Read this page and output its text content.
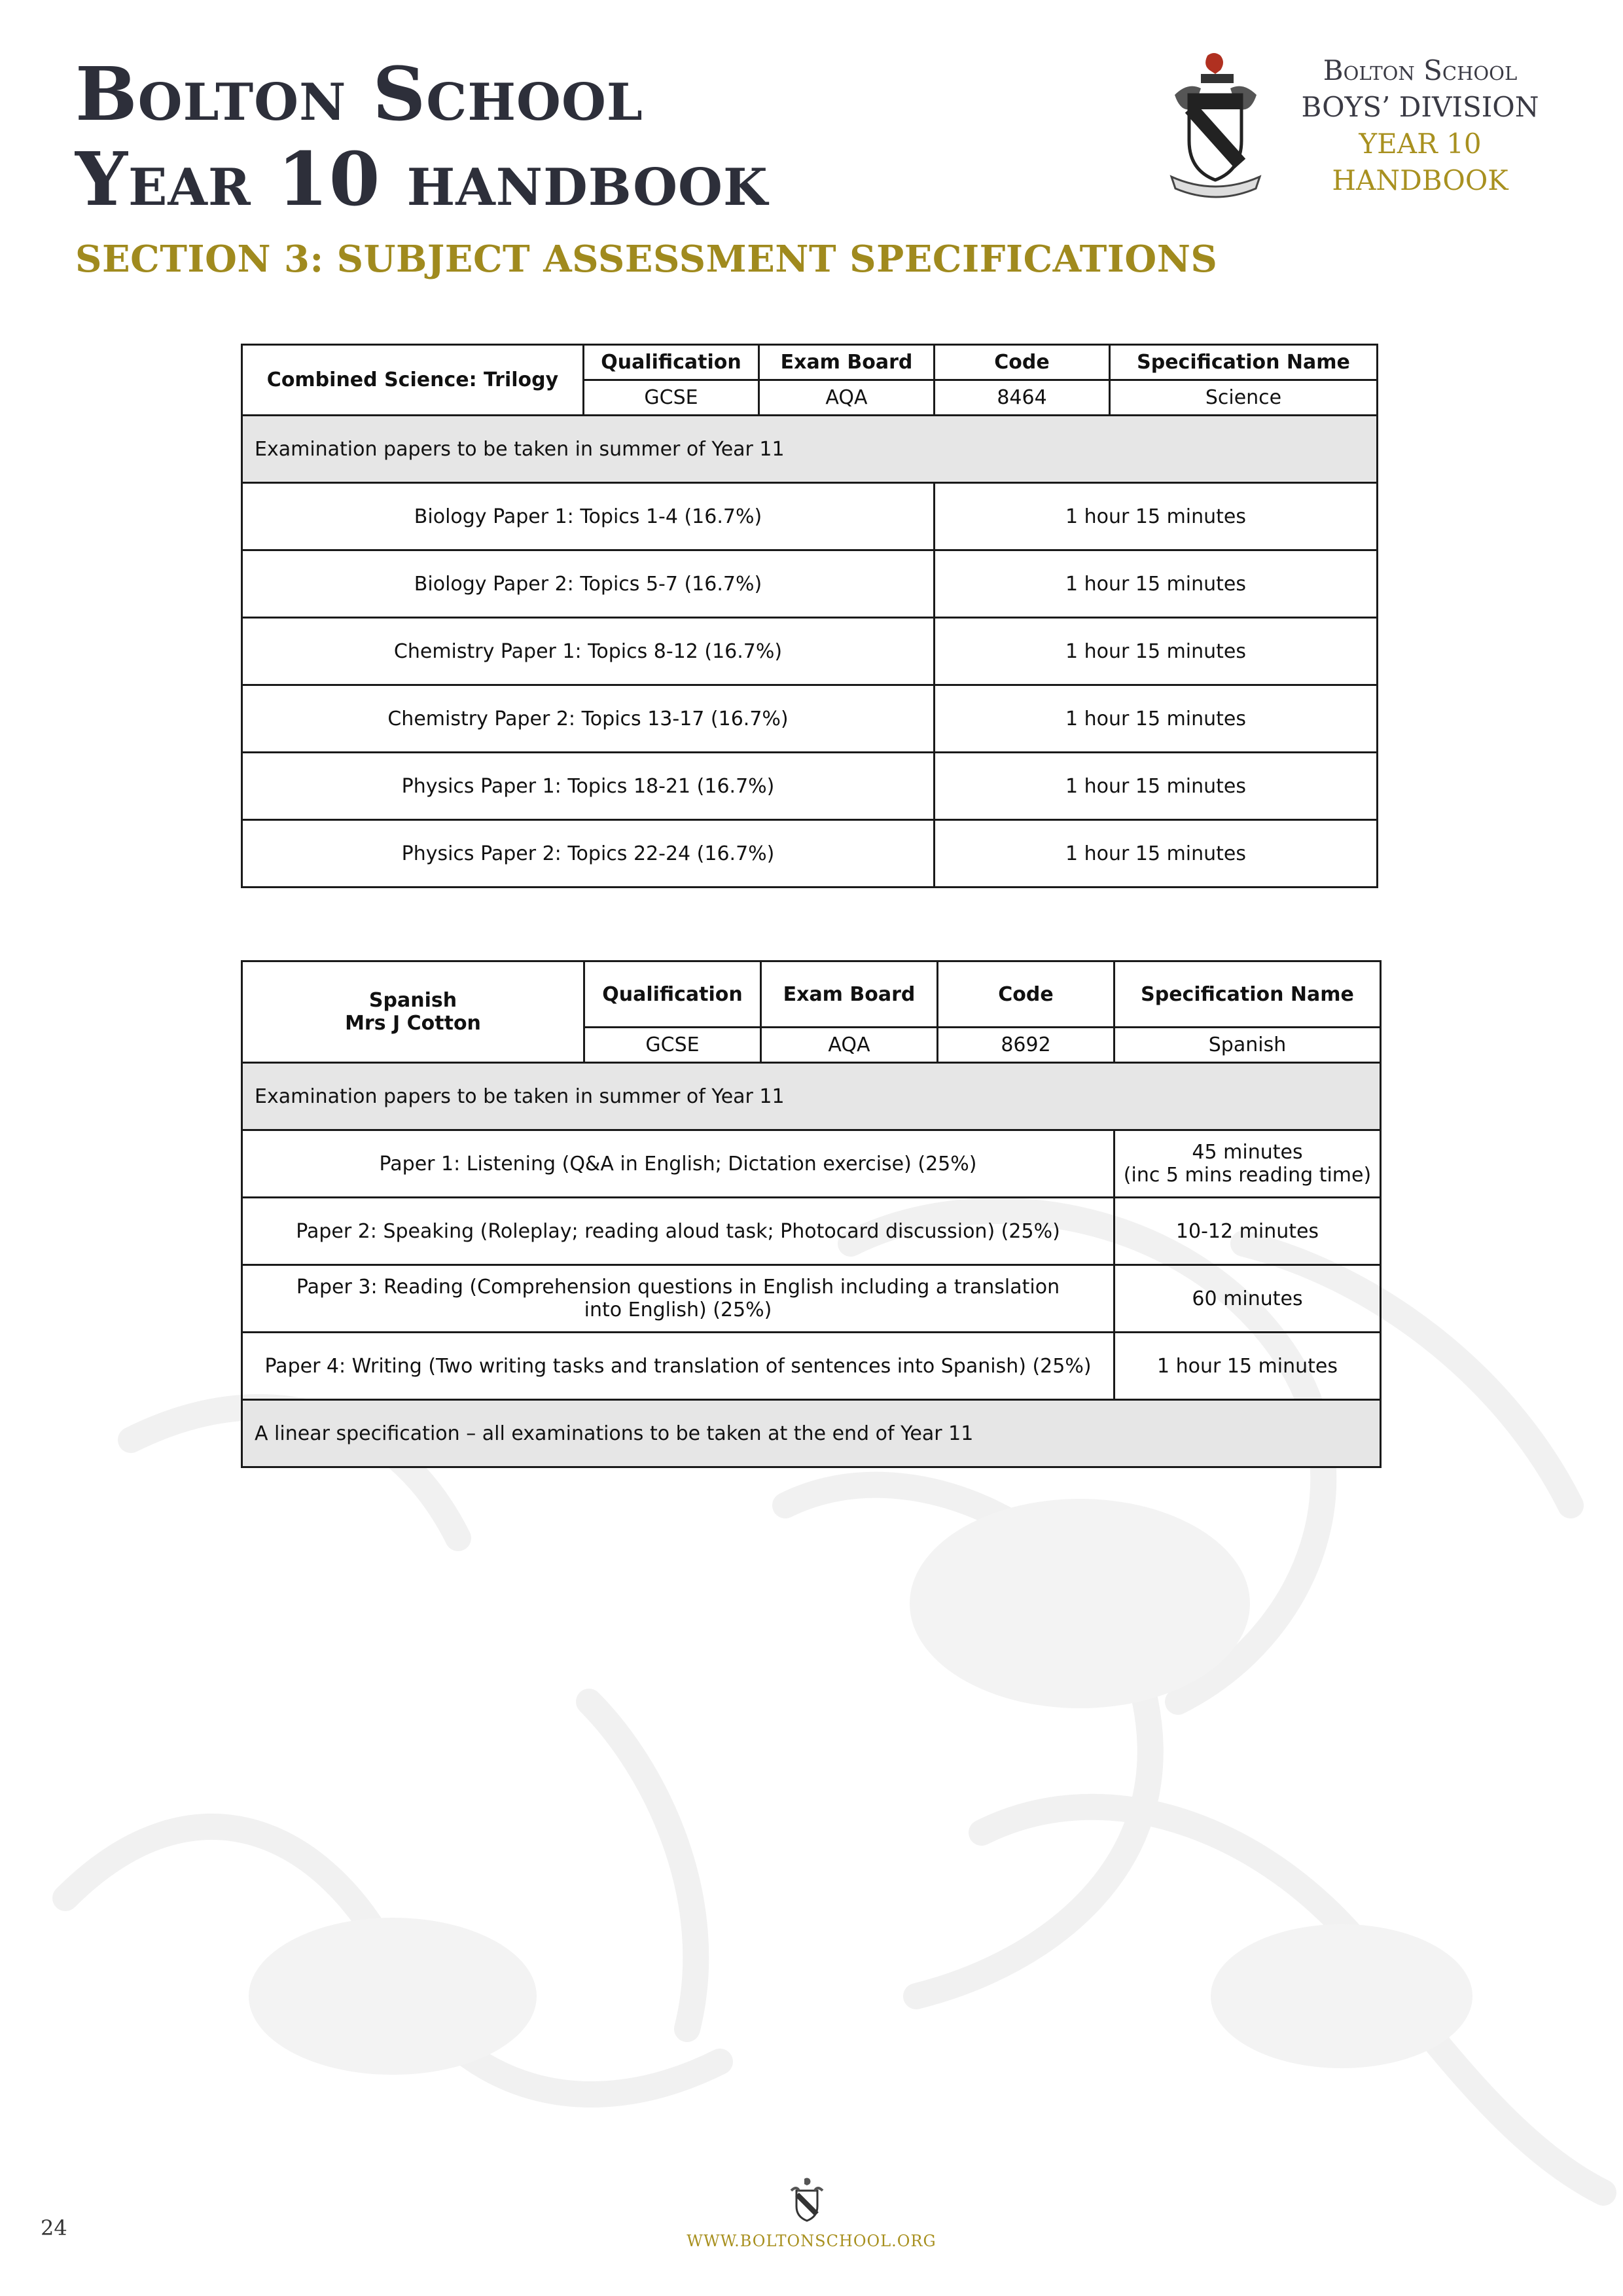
Bolton School
Year 10 handbook
Bolton School
BOYS’ DIVISION
YEAR 10
HANDBOOK
SECTION 3: SUBJECT ASSESSMENT SPECIFICATIONS
Combined Science: Trilogy	Qualification	Exam Board	Code	Specification Name
	GCSE	AQA	8464	Science
Examination papers to be taken in summer of Year 11				
Biology Paper 1: Topics 1-4 (16.7%)			1 hour 15 minutes	
Biology Paper 2: Topics 5-7 (16.7%)			1 hour 15 minutes	
Chemistry Paper 1: Topics 8-12 (16.7%)			1 hour 15 minutes	
Chemistry Paper 2: Topics 13-17 (16.7%)			1 hour 15 minutes	
Physics Paper 1: Topics 18-21 (16.7%)			1 hour 15 minutes	
Physics Paper 2: Topics 22-24 (16.7%)			1 hour 15 minutes	
Spanish
Mrs J Cotton	Qualification	Exam Board	Code	Specification Name
	GCSE	AQA	8692	Spanish
Examination papers to be taken in summer of Year 11				
Paper 1: Listening (Q&A in English; Dictation exercise) (25%)				45 minutes
(inc 5 mins reading time)

Paper 2: Speaking (Roleplay; reading aloud task; Photocard discussion) (25%)				10-12 minutes
Paper 3: Reading (Comprehension questions in English including a translation into English) (25%)				60 minutes
Paper 4: Writing (Two writing tasks and translation of sentences into Spanish) (25%)				1 hour 15 minutes
A linear specification – all examinations to be taken at the end of Year 11				
WWW.BOLTONSCHOOL.ORG
24
